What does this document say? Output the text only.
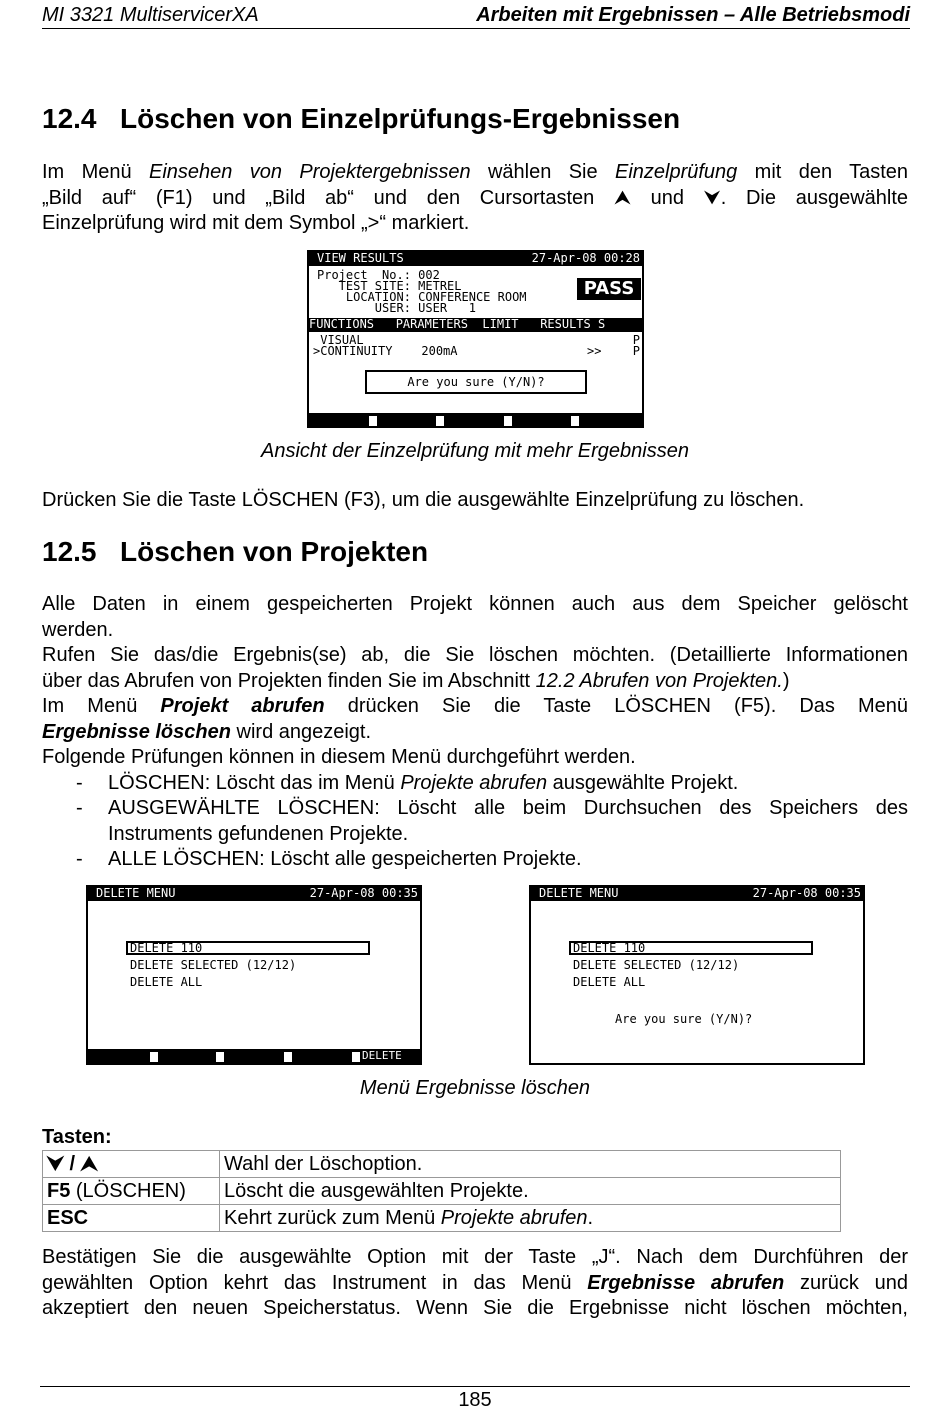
MI 3321 MultiservicerXA	Arbeiten mit Ergebnissen – Alle Betriebsmodi
12.4 Löschen von Einzelprüfungs-Ergebnissen
Im Menü Einsehen von Projektergebnissen wählen Sie Einzelprüfung mit den Tasten
„Bild auf“ (F1) und „Bild ab“ und den Cursortasten ⮝ und ⮟. Die ausgewählte
Einzelprüfung wird mit dem Symbol „>“ markiert.
VIEW RESULTS	27-Apr-08 00:28
Project  No.: 002
TEST SITE: METREL
LOCATION: CONFERENCE ROOM
USER: USER   1
PASS
FUNCTIONS   PARAMETERS  LIMIT   RESULTS S
VISUAL	P
>CONTINUITY    200mA	>>	P
Are you sure (Y/N)?
Ansicht der Einzelprüfung mit mehr Ergebnissen
Drücken Sie die Taste LÖSCHEN (F3), um die ausgewählte Einzelprüfung zu löschen.
12.5 Löschen von Projekten
Alle Daten in einem gespeicherten Projekt können auch aus dem Speicher gelöscht
werden.
Rufen Sie das/die Ergebnis(se) ab, die Sie löschen möchten. (Detaillierte Informationen
über das Abrufen von Projekten finden Sie im Abschnitt 12.2 Abrufen von Projekten.)
Im Menü Projekt abrufen drücken Sie die Taste LÖSCHEN (F5). Das Menü
Ergebnisse löschen wird angezeigt.
Folgende Prüfungen können in diesem Menü durchgeführt werden.
- LÖSCHEN: Löscht das im Menü Projekte abrufen ausgewählte Projekt.
- AUSGEWÄHLTE LÖSCHEN: Löscht alle beim Durchsuchen des Speichers des Instruments gefundenen Projekte.
- ALLE LÖSCHEN: Löscht alle gespeicherten Projekte.
DELETE MENU	27-Apr-08 00:35
DELETE 110
DELETE SELECTED (12/12)
DELETE ALL
DELETE
DELETE MENU	27-Apr-08 00:35
DELETE 110
DELETE SELECTED (12/12)
DELETE ALL
Are you sure (Y/N)?
Menü Ergebnisse löschen
Tasten:
⮟ / ⮝	Wahl der Löschoption.
F5 (LÖSCHEN)	Löscht die ausgewählten Projekte.
ESC	Kehrt zurück zum Menü Projekte abrufen.
Bestätigen Sie die ausgewählte Option mit der Taste „J“. Nach dem Durchführen der
gewählten Option kehrt das Instrument in das Menü Ergebnisse abrufen zurück und
akzeptiert den neuen Speicherstatus. Wenn Sie die Ergebnisse nicht löschen möchten,
185
